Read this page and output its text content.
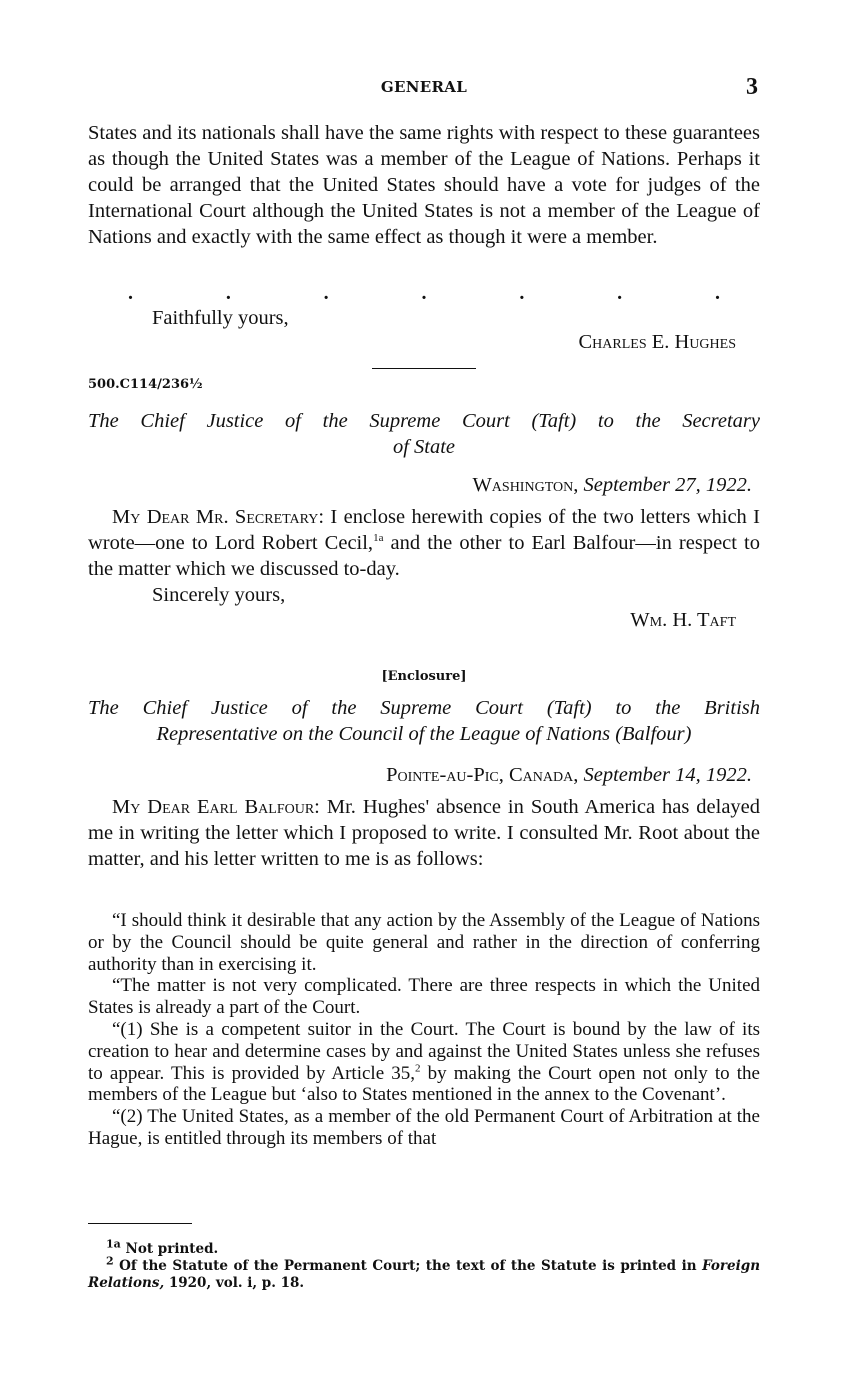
GENERAL	3

States and its nationals shall have the same rights with respect to these guarantees as though the United States was a member of the League of Nations. Perhaps it could be arranged that the United States should have a vote for judges of the International Court although the United States is not a member of the League of Nations and exactly with the same effect as though it were a member.

.	.	.	.	.	.	.
Faithfully yours,
Charles E. Hughes
500.C114/236½
The Chief Justice of the Supreme Court (Taft) to the Secretary
of State
Washington, September 27, 1922.

My Dear Mr. Secretary: I enclose herewith copies of the two letters which I wrote—one to Lord Robert Cecil,$^{1a}$ and the other to Earl Balfour—in respect to the matter which we discussed to-day.

Sincerely yours,
Wm. H. Taft
[Enclosure]
The Chief Justice of the Supreme Court (Taft) to the British
Representative on the Council of the League of Nations (Balfour)
Pointe-au-Pic, Canada, September 14, 1922.

My Dear Earl Balfour: Mr. Hughes' absence in South America has delayed me in writing the letter which I proposed to write. I consulted Mr. Root about the matter, and his letter written to me is as follows:

“I should think it desirable that any action by the Assembly of the League of Nations or by the Council should be quite general and rather in the direction of conferring authority than in exercising it.

“The matter is not very complicated. There are three respects in which the United States is already a part of the Court.

“(1) She is a competent suitor in the Court. The Court is bound by the law of its creation to hear and determine cases by and against the United States unless she refuses to appear. This is provided by Article 35,$^2$ by making the Court open not only to the members of the League but ‘also to States mentioned in the annex to the Covenant’.

“(2) The United States, as a member of the old Permanent Court of Arbitration at the Hague, is entitled through its members of that

$^{1a}$ Not printed.

$^2$ Of the Statute of the Permanent Court; the text of the Statute is printed in Foreign Relations, 1920, vol. i, p. 18.
